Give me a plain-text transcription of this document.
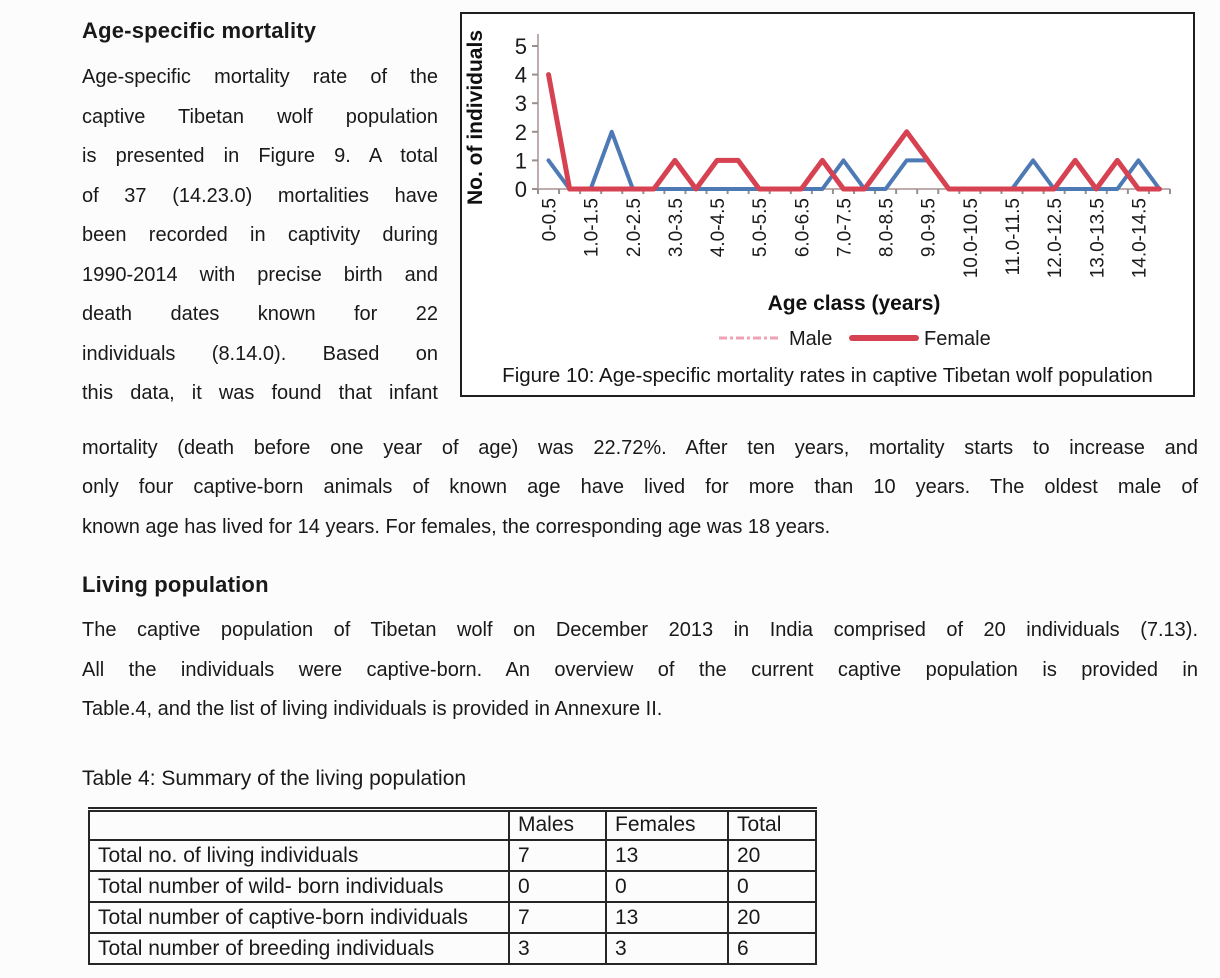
Age-specific mortality
Age-specific mortality rate of the
captive Tibetan wolf population
is presented in Figure 9. A total
of 37 (14.23.0) mortalities have
been recorded in captivity during
1990-2014 with precise birth and
death dates known for 22
individuals (8.14.0). Based on
this data, it was found that infant
0
1
2
3
4
5
0-0.5 1.0-1.5 2.0-2.5 3.0-3.5 4.0-4.5 5.0-5.5 6.0-6.5 7.0-7.5 8.0-8.5 9.0-9.5 10.0-10.5 11.0-11.5 12.0-12.5 13.0-13.5 14.0-14.5
Age class (years)
No. of individuals
Male	Female
Figure 10: Age-specific mortality rates in captive Tibetan wolf population
mortality (death before one year of age) was 22.72%. After ten years, mortality starts to increase and
only four captive-born animals of known age have lived for more than 10 years. The oldest male of
known age has lived for 14 years. For females, the corresponding age was 18 years.
Living population
The captive population of Tibetan wolf on December 2013 in India comprised of 20 individuals (7.13).
All the individuals were captive-born. An overview of the current captive population is provided in
Table.4, and the list of living individuals is provided in Annexure II.
Table 4: Summary of the living population
	Males	Females	Total
Total no. of living individuals	7	13	20
Total number of wild- born individuals	0	0	0
Total number of captive-born individuals	7	13	20
Total number of breeding individuals	3	3	6
